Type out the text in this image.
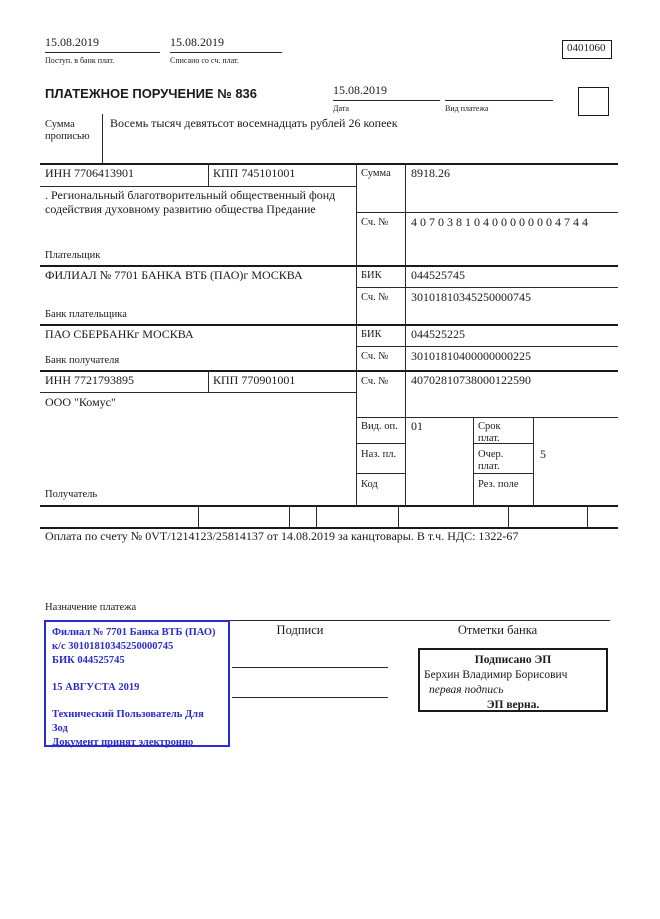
15.08.2019
Поступ. в банк плат.
15.08.2019
Списано со сч. плат.
0401060
ПЛАТЕЖНОЕ ПОРУЧЕНИЕ № 836	15.08.2019
Дата	Вид платежа
Сумма прописью
Восемь тысяч девятьсот восемнадцать рублей 26 копеек
ИНН 7706413901	КПП 745101001	Сумма 8918.26
. Региональный благотворительный общественный фонд содействия духовному развитию общества Предание
Сч. № 40703810400000004744
Плательщик
ФИЛИАЛ № 7701 БАНКА ВТБ (ПАО)г МОСКВА	БИК 044525745
Сч. № 30101810345250000745
Банк плательщика
ПАО СБЕРБАНКг МОСКВА	БИК 044525225
Сч. № 30101810400000000225
Банк получателя
ИНН 7721793895	КПП 770901001	Сч. № 40702810738000122590
ООО "Комус"
Вид. оп. 01	Срок плат.
Наз. пл.	Очер. плат.
5
Код	Рез. поле
Получатель
Оплата по счету № 0VT/1214123/25814137 от 14.08.2019 за канцтовары. В т.ч. НДС: 1322-67
Назначение платежа
Подписи	Отметки банка
Филиал № 7701 Банка ВТБ (ПАО)
к/с 30101810345250000745
БИК 044525745
15 АВГУСТА 2019
Технический Пользователь Для Зод
Документ принят электронно
Подписано ЭП
Берхин Владимир Борисович
первая подпись
ЭП верна.
